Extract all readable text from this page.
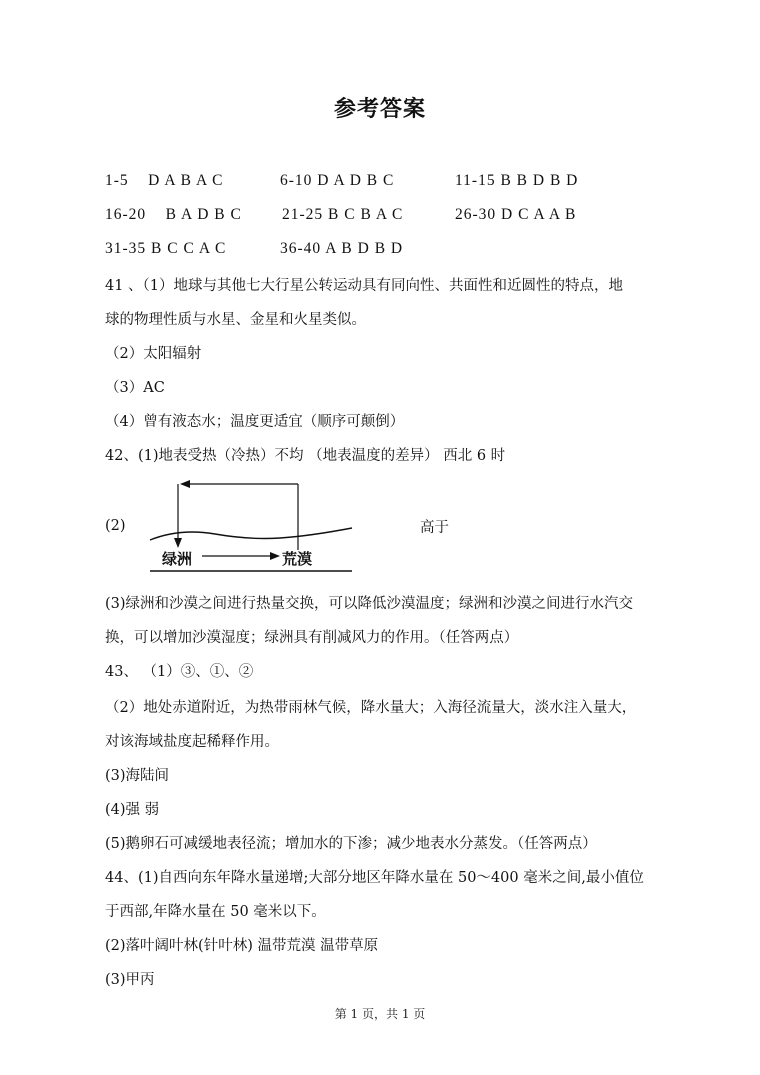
参考答案
1-5 D A B A C	6-10 D A D B C	11-15 B B D B D
16-20 B A D B C	21-25 B C B A C	26-30 D C A A B
31-35 B C C A C	36-40 A B D B D
41 、（1）地球与其他七大行星公转运动具有同向性、共面性和近圆性的特点，地
球的物理性质与水星、金星和火星类似。
（2）太阳辐射
（3）AC
（4）曾有液态水；温度更适宜（顺序可颠倒）
42、(1)地表受热（冷热）不均 （地表温度的差异） 西北 6 时
(2)
绿洲	荒漠
高于
(3)绿洲和沙漠之间进行热量交换，可以降低沙漠温度；绿洲和沙漠之间进行水汽交
换，可以增加沙漠湿度；绿洲具有削减风力的作用。（任答两点）
43、 （1）③、①、②
（2）地处赤道附近，为热带雨林气候，降水量大；入海径流量大，淡水注入量大，
对该海域盐度起稀释作用。
(3)海陆间
(4)强 弱
(5)鹅卵石可减缓地表径流；增加水的下渗；减少地表水分蒸发。（任答两点）
44、(1)自西向东年降水量递增;大部分地区年降水量在 50～400 毫米之间,最小值位
于西部,年降水量在 50 毫米以下。
(2)落叶阔叶林(针叶林) 温带荒漠 温带草原
(3)甲丙
第 1 页，共 1 页
